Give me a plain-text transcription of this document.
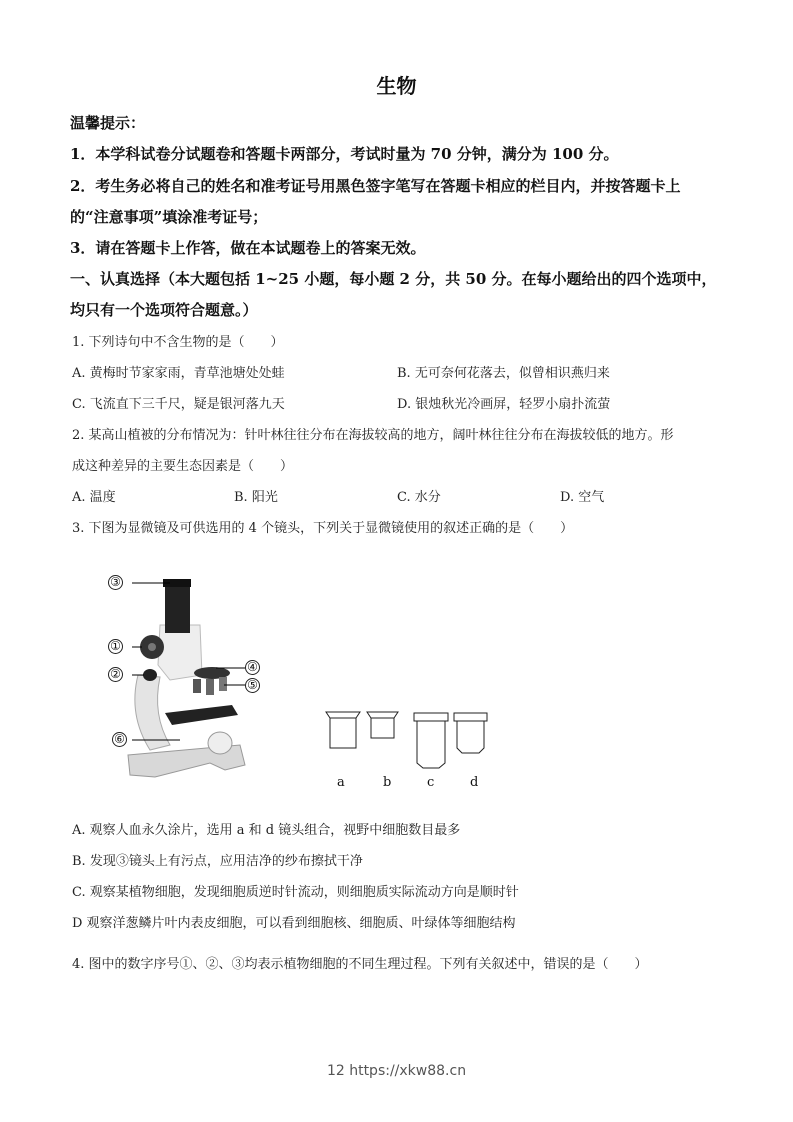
生物
温馨提示：
1．本学科试卷分试题卷和答题卡两部分，考试时量为 70 分钟，满分为 100 分。
2．考生务必将自己的姓名和准考证号用黑色签字笔写在答题卡相应的栏目内，并按答题卡上
的“注意事项”填涂准考证号；
3．请在答题卡上作答，做在本试题卷上的答案无效。
一、认真选择（本大题包括 1~25 小题，每小题 2 分，共 50 分。在每小题给出的四个选项中，
均只有一个选项符合题意。）
1. 下列诗句中不含生物的是（　　）
A. 黄梅时节家家雨，青草池塘处处蛙	B. 无可奈何花落去，似曾相识燕归来
C. 飞流直下三千尺，疑是银河落九天	D. 银烛秋光冷画屏，轻罗小扇扑流萤
2. 某高山植被的分布情况为：针叶林往往分布在海拔较高的地方，阔叶林往往分布在海拔较低的地方。形
成这种差异的主要生态因素是（　　）
A. 温度	B. 阳光	C. 水分	D. 空气
3. 下图为显微镜及可供选用的 4 个镜头，下列关于显微镜使用的叙述正确的是（　　）
③
①
②	④
⑤
⑥
a	b	c	d
A. 观察人血永久涂片，选用 a 和 d 镜头组合，视野中细胞数目最多
B. 发现③镜头上有污点，应用洁净的纱布擦拭干净
C. 观察某植物细胞，发现细胞质逆时针流动，则细胞质实际流动方向是顺时针
D 观察洋葱鳞片叶内表皮细胞，可以看到细胞核、细胞质、叶绿体等细胞结构
4. 图中的数字序号①、②、③均表示植物细胞的不同生理过程。下列有关叙述中，错误的是（　　）
12 https://xkw88.cn
